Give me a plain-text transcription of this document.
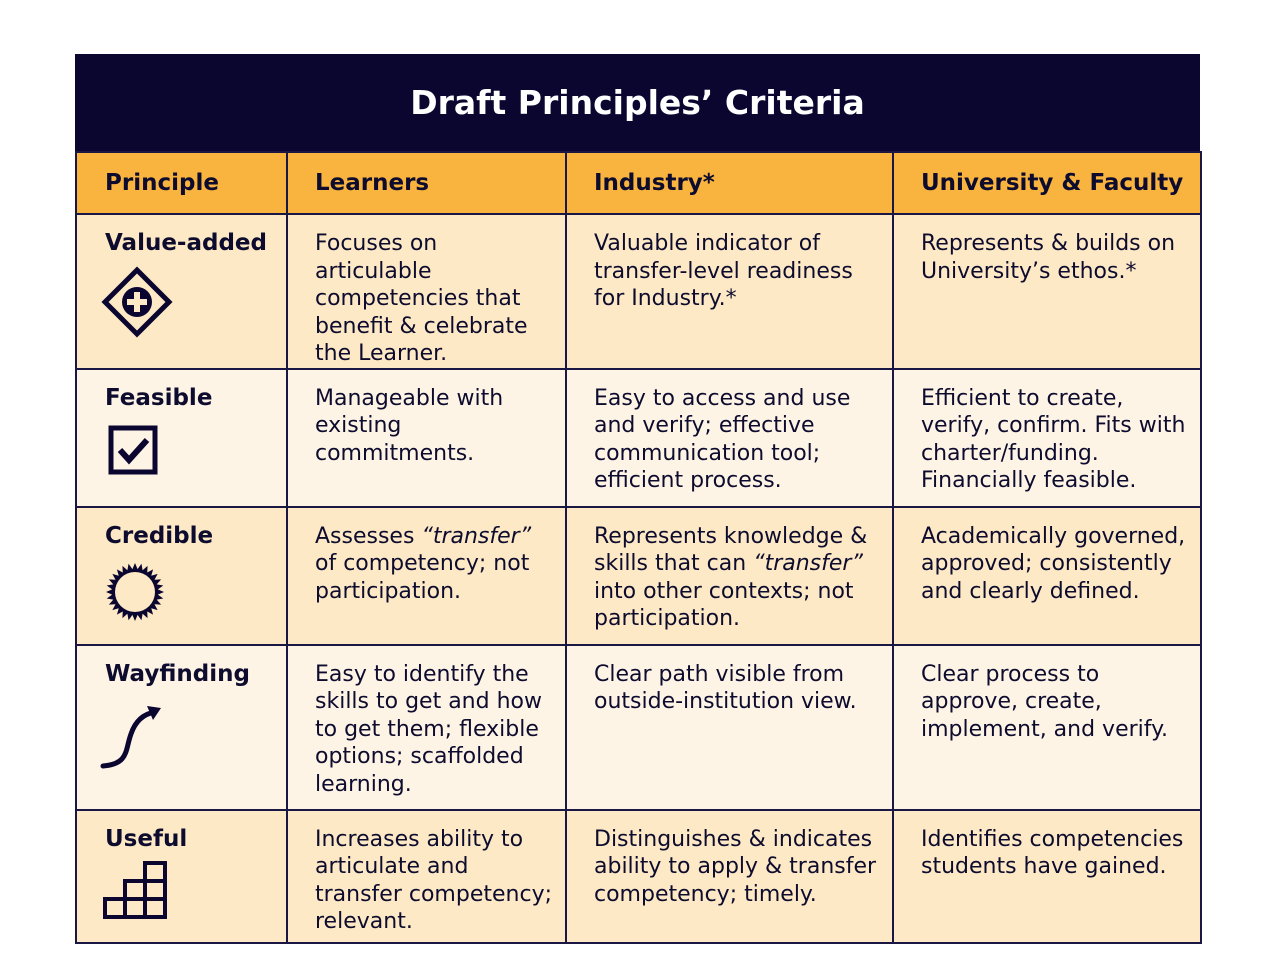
Draft Principles’ Criteria
Principle	Learners	Industry*	University & Faculty

Value-added	Focuses on articulable competencies that benefit & celebrate the Learner.	Valuable indicator of transfer-level readiness for Industry.*	Represents & builds on University’s ethos.*

Feasible	Manageable with existing commitments.	Easy to access and use and verify; effective communication tool; efficient process.	Efficient to create, verify, confirm. Fits with charter/funding. Financially feasible.

Credible	Assesses “transfer” of competency; not participation.	Represents knowledge & skills that can “transfer” into other contexts; not participation.	Academically governed, approved; consistently and clearly defined.

Wayfinding	Easy to identify the skills to get and how to get them; flexible options; scaffolded learning.	Clear path visible from outside-institution view.	Clear process to approve, create, implement, and verify.

Useful	Increases ability to articulate and transfer competency; relevant.	Distinguishes & indicates ability to apply & transfer competency; timely.	Identifies competencies students have gained.
